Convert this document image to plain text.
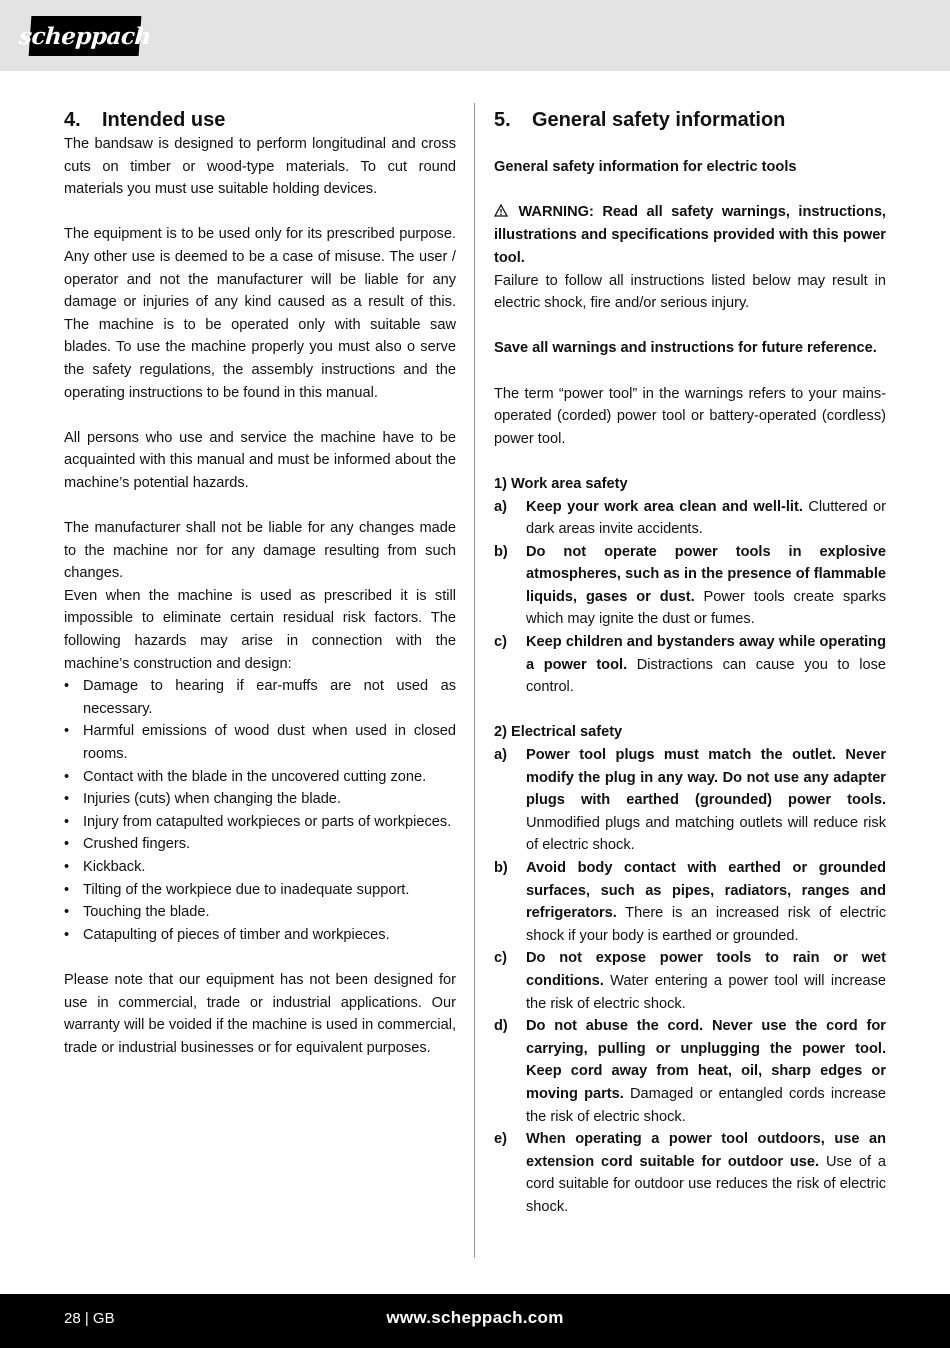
scheppach
4.	Intended use

The bandsaw is designed to perform longitudinal and cross cuts on timber or wood-type materials. To cut round materials you must use suitable holding devices.

The equipment is to be used only for its prescribed purpose. Any other use is deemed to be a case of misuse. The user / operator and not the manufacturer will be liable for any damage or injuries of any kind caused as a result of this. The machine is to be operated only with suitable saw blades. To use the machine properly you must also o serve the safety regulations, the assembly instructions and the operating instructions to be found in this manual.

All persons who use and service the machine have to be acquainted with this manual and must be informed about the machine’s potential hazards.

The manufacturer shall not be liable for any changes made to the machine nor for any damage resulting from such changes.

Even when the machine is used as prescribed it is still impossible to eliminate certain residual risk factors. The following hazards may arise in connection with the machine’s construction and design:

• Damage to hearing if ear-muffs are not used as necessary.
• Harmful emissions of wood dust when used in closed rooms.
• Contact with the blade in the uncovered cutting zone.
• Injuries (cuts) when changing the blade.
• Injury from catapulted workpieces or parts of workpieces.
• Crushed fingers.
• Kickback.
• Tilting of the workpiece due to inadequate support.
• Touching the blade.
• Catapulting of pieces of timber and workpieces.

Please note that our equipment has not been designed for use in commercial, trade or industrial applications. Our warranty will be voided if the machine is used in commercial, trade or industrial businesses or for equivalent purposes.

5.	General safety information

General safety information for electric tools

WARNING: Read all safety warnings, instructions, illustrations and specifications provided with this power tool.

Failure to follow all instructions listed below may result in electric shock, fire and/or serious injury.

Save all warnings and instructions for future reference.

The term “power tool” in the warnings refers to your mains-operated (corded) power tool or battery-operated (cordless) power tool.

1) Work area safety

a) Keep your work area clean and well-lit. Cluttered or dark areas invite accidents.
b) Do not operate power tools in explosive atmospheres, such as in the presence of flammable liquids, gases or dust. Power tools create sparks which may ignite the dust or fumes.
c) Keep children and bystanders away while operating a power tool. Distractions can cause you to lose control.

2) Electrical safety

a) Power tool plugs must match the outlet. Never modify the plug in any way. Do not use any adapter plugs with earthed (grounded) power tools. Unmodified plugs and matching outlets will reduce risk of electric shock.
b) Avoid body contact with earthed or grounded surfaces, such as pipes, radiators, ranges and refrigerators. There is an increased risk of electric shock if your body is earthed or grounded.
c) Do not expose power tools to rain or wet conditions. Water entering a power tool will increase the risk of electric shock.
d) Do not abuse the cord. Never use the cord for carrying, pulling or unplugging the power tool. Keep cord away from heat, oil, sharp edges or moving parts. Damaged or entangled cords increase the risk of electric shock.
e) When operating a power tool outdoors, use an extension cord suitable for outdoor use. Use of a cord suitable for outdoor use reduces the risk of electric shock.
28 | GB	www.scheppach.com
